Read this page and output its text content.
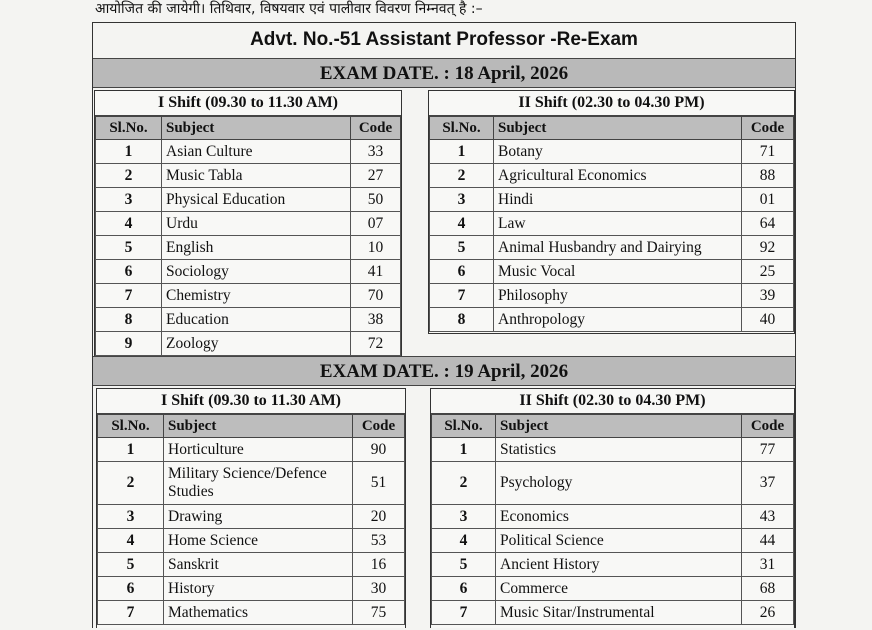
आयोजित की जायेगी। तिथिवार, विषयवार एवं पालीवार विवरण निम्नवत् है :–
Advt. No.-51 Assistant Professor -Re-Exam
EXAM DATE. : 18 April, 2026
I Shift (09.30 to 11.30 AM)
Sl.No.	Subject	Code
1	Asian Culture	33
2	Music Tabla	27
3	Physical Education	50
4	Urdu	07
5	English	10
6	Sociology	41
7	Chemistry	70
8	Education	38
9	Zoology	72
II Shift (02.30 to 04.30 PM)
Sl.No.	Subject	Code
1	Botany	71
2	Agricultural Economics	88
3	Hindi	01
4	Law	64
5	Animal Husbandry and Dairying	92
6	Music Vocal	25
7	Philosophy	39
8	Anthropology	40
EXAM DATE. : 19 April, 2026
I Shift (09.30 to 11.30 AM)
Sl.No.	Subject	Code
1	Horticulture	90
2	Military Science/Defence Studies	51
3	Drawing	20
4	Home Science	53
5	Sanskrit	16
6	History	30
7	Mathematics	75
II Shift (02.30 to 04.30 PM)
Sl.No.	Subject	Code
1	Statistics	77
2	Psychology	37
3	Economics	43
4	Political Science	44
5	Ancient History	31
6	Commerce	68
7	Music Sitar/Instrumental	26
